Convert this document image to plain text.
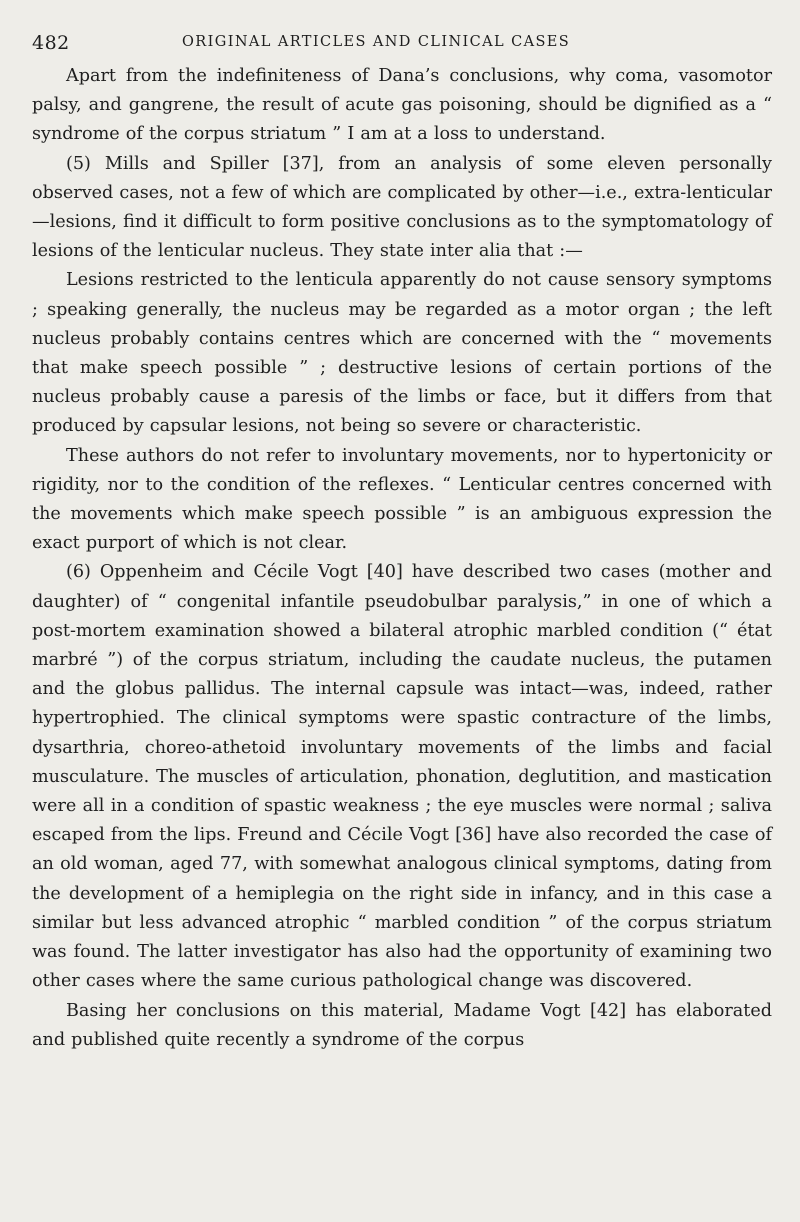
482	ORIGINAL ARTICLES AND CLINICAL CASES

Apart from the indefiniteness of Dana’s conclusions, why coma, vasomotor palsy, and gangrene, the result of acute gas poisoning, should be dignified as a “ syndrome of the corpus striatum ” I am at a loss to understand.

(5) Mills and Spiller [37], from an analysis of some eleven personally observed cases, not a few of which are complicated by other—i.e., extra-lenticular—lesions, find it difficult to form positive conclusions as to the symptomatology of lesions of the lenticular nucleus. They state inter alia that :—

Lesions restricted to the lenticula apparently do not cause sensory symptoms ; speaking generally, the nucleus may be regarded as a motor organ ; the left nucleus probably contains centres which are concerned with the “ movements that make speech possible ” ; destructive lesions of certain portions of the nucleus probably cause a paresis of the limbs or face, but it differs from that produced by capsular lesions, not being so severe or characteristic.

These authors do not refer to involuntary movements, nor to hypertonicity or rigidity, nor to the condition of the reflexes. “ Lenticular centres concerned with the movements which make speech possible ” is an ambiguous expression the exact purport of which is not clear.

(6) Oppenheim and Cécile Vogt [40] have described two cases (mother and daughter) of “ congenital infantile pseudobulbar paralysis,” in one of which a post-mortem examination showed a bilateral atrophic marbled condition (“ état marbré ”) of the corpus striatum, including the caudate nucleus, the putamen and the globus pallidus. The internal capsule was intact—was, indeed, rather hypertrophied. The clinical symptoms were spastic contracture of the limbs, dysarthria, choreo-athetoid involuntary movements of the limbs and facial musculature. The muscles of articulation, phonation, deglutition, and mastication were all in a condition of spastic weakness ; the eye muscles were normal ; saliva escaped from the lips. Freund and Cécile Vogt [36] have also recorded the case of an old woman, aged 77, with somewhat analogous clinical symptoms, dating from the development of a hemiplegia on the right side in infancy, and in this case a similar but less advanced atrophic “ marbled condition ” of the corpus striatum was found. The latter investigator has also had the opportunity of examining two other cases where the same curious pathological change was discovered.

Basing her conclusions on this material, Madame Vogt [42] has elaborated and published quite recently a syndrome of the corpus
